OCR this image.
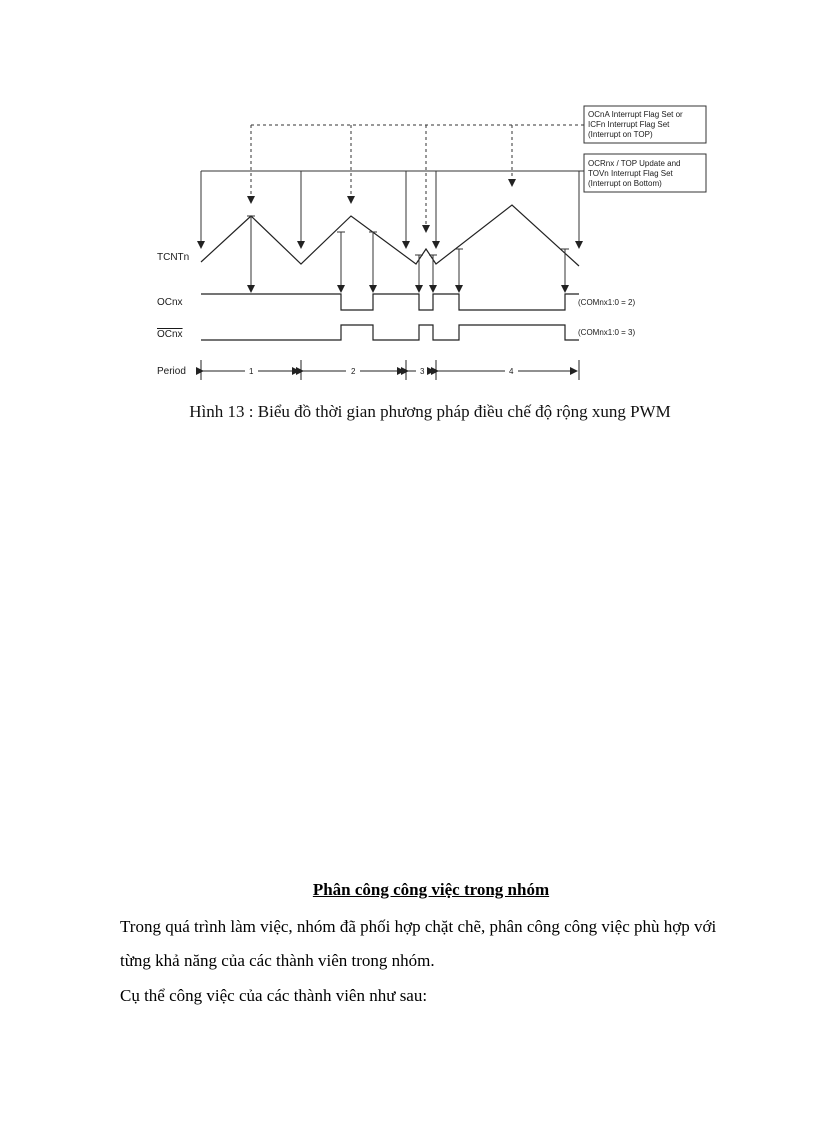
OCnA Interrupt Flag Set or
ICFn Interrupt Flag Set
(Interrupt on TOP)
OCRnx / TOP Update and
TOVn Interrupt Flag Set
(Interrupt on Bottom)
TCNTn
OCnx	(COMnx1:0 = 2)
OCnx	(COMnx1:0 = 3)
Period	1	2	3	4
Hình 13 : Biểu đồ thời gian phương pháp điều chế độ rộng xung PWM
Phân công công việc trong nhóm
Trong quá trình làm việc, nhóm đã phối hợp chặt chẽ, phân công công việc phù hợp với từng khả năng của các thành viên trong nhóm.
Cụ thể công việc của các thành viên như sau:
